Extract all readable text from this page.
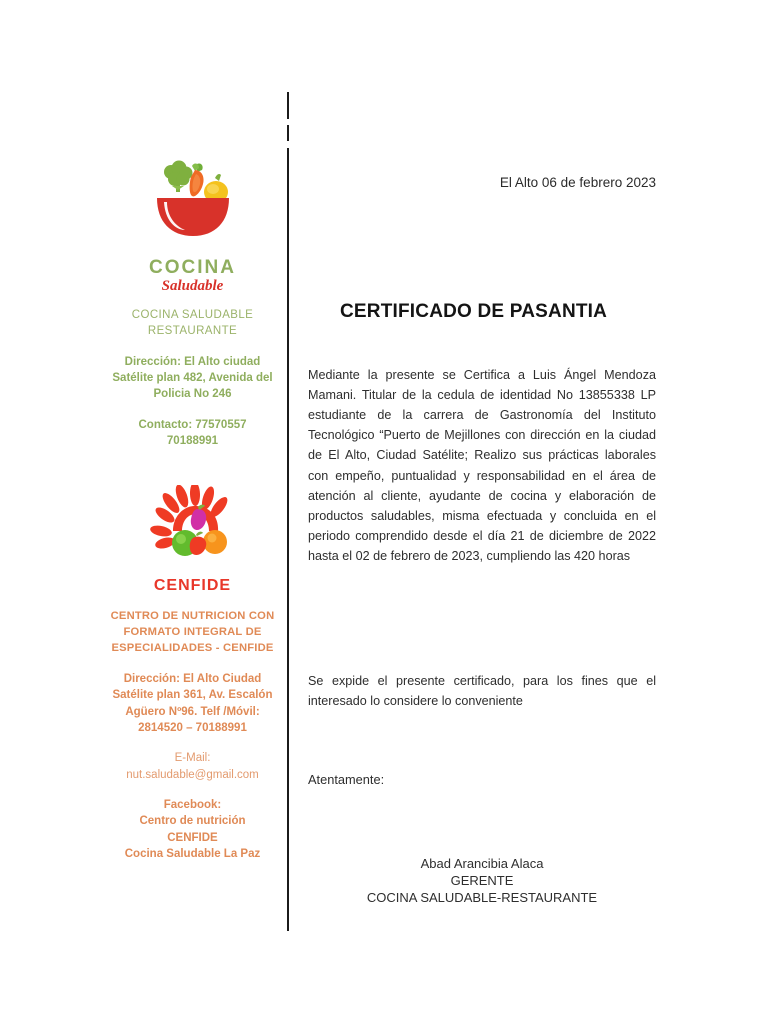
COCINA
Saludable
COCINA SALUDABLE
RESTAURANTE
Dirección: El Alto ciudad
Satélite plan 482, Avenida del
Policia No 246
Contacto: 77570557
70188991
CENFIDE
CENTRO DE NUTRICION CON
FORMATO INTEGRAL DE
ESPECIALIDADES - CENFIDE
Dirección: El Alto Ciudad
Satélite plan 361, Av. Escalón
Agüero Nº96. Telf /Móvil:
2814520 – 70188991
E-Mail:
nut.saludable@gmail.com
Facebook:
Centro de nutrición
CENFIDE
Cocina Saludable La Paz
El Alto 06 de febrero 2023
CERTIFICADO DE PASANTIA

Mediante la presente se Certifica a Luis Ángel Mendoza Mamani. Titular de la cedula de identidad No 13855338 LP estudiante de la carrera de Gastronomía del Instituto Tecnológico “Puerto de Mejillones con dirección en la ciudad de El Alto, Ciudad Satélite; Realizo sus prácticas laborales con empeño, puntualidad y responsabilidad en el área de atención al cliente, ayudante de cocina y elaboración de productos saludables, misma efectuada y concluida en el periodo comprendido desde el día 21 de diciembre de 2022 hasta el 02 de febrero de 2023, cumpliendo las 420 horas

Se expide el presente certificado, para los fines que el interesado lo considere lo conveniente

Atentamente:
Abad Arancibia Alaca
GERENTE
COCINA SALUDABLE-RESTAURANTE
